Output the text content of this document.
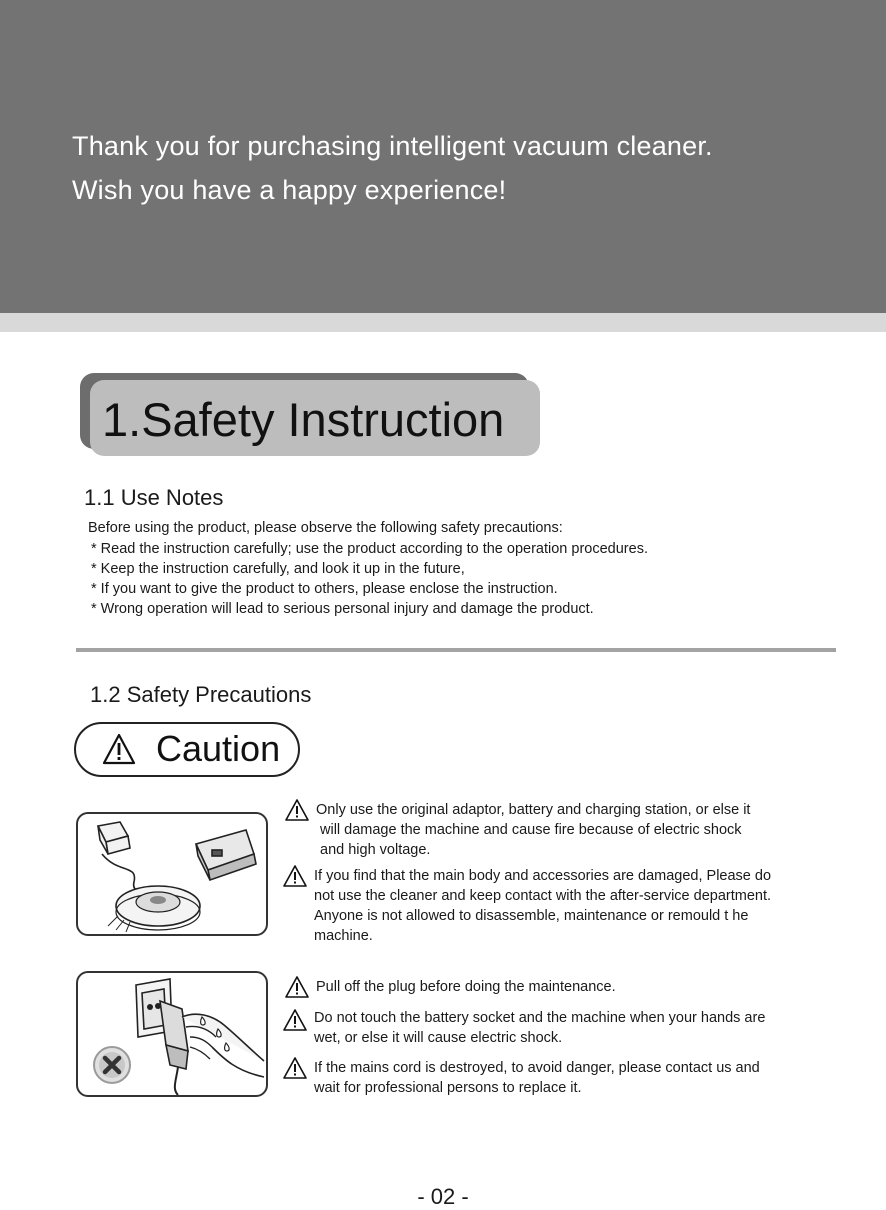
Thank you for purchasing intelligent vacuum cleaner.
Wish you have a happy experience!
1.Safety Instruction
1.1 Use Notes
Before using the product, please observe the following safety precautions:
* Read the instruction carefully; use the product according to the operation procedures.
* Keep the instruction carefully, and look it up in the future,
* If you want to give the product to others, please enclose the instruction.
* Wrong operation will lead to serious personal injury and damage the product.
1.2 Safety Precautions
Caution
Only use the original adaptor, battery and charging station, or else it
will damage the machine and cause fire because of electric shock
and high voltage.
If you find that the main body and accessories are damaged, Please do
not use the cleaner and keep contact with the after-service department.
Anyone is not allowed to disassemble, maintenance or remould t he
machine.
Pull off the plug before doing the maintenance.
Do not touch the battery socket and the machine when your hands are
wet, or else it will cause electric shock.
If the mains cord is destroyed, to avoid danger, please contact us and
wait for professional persons to replace it.
- 02 -
